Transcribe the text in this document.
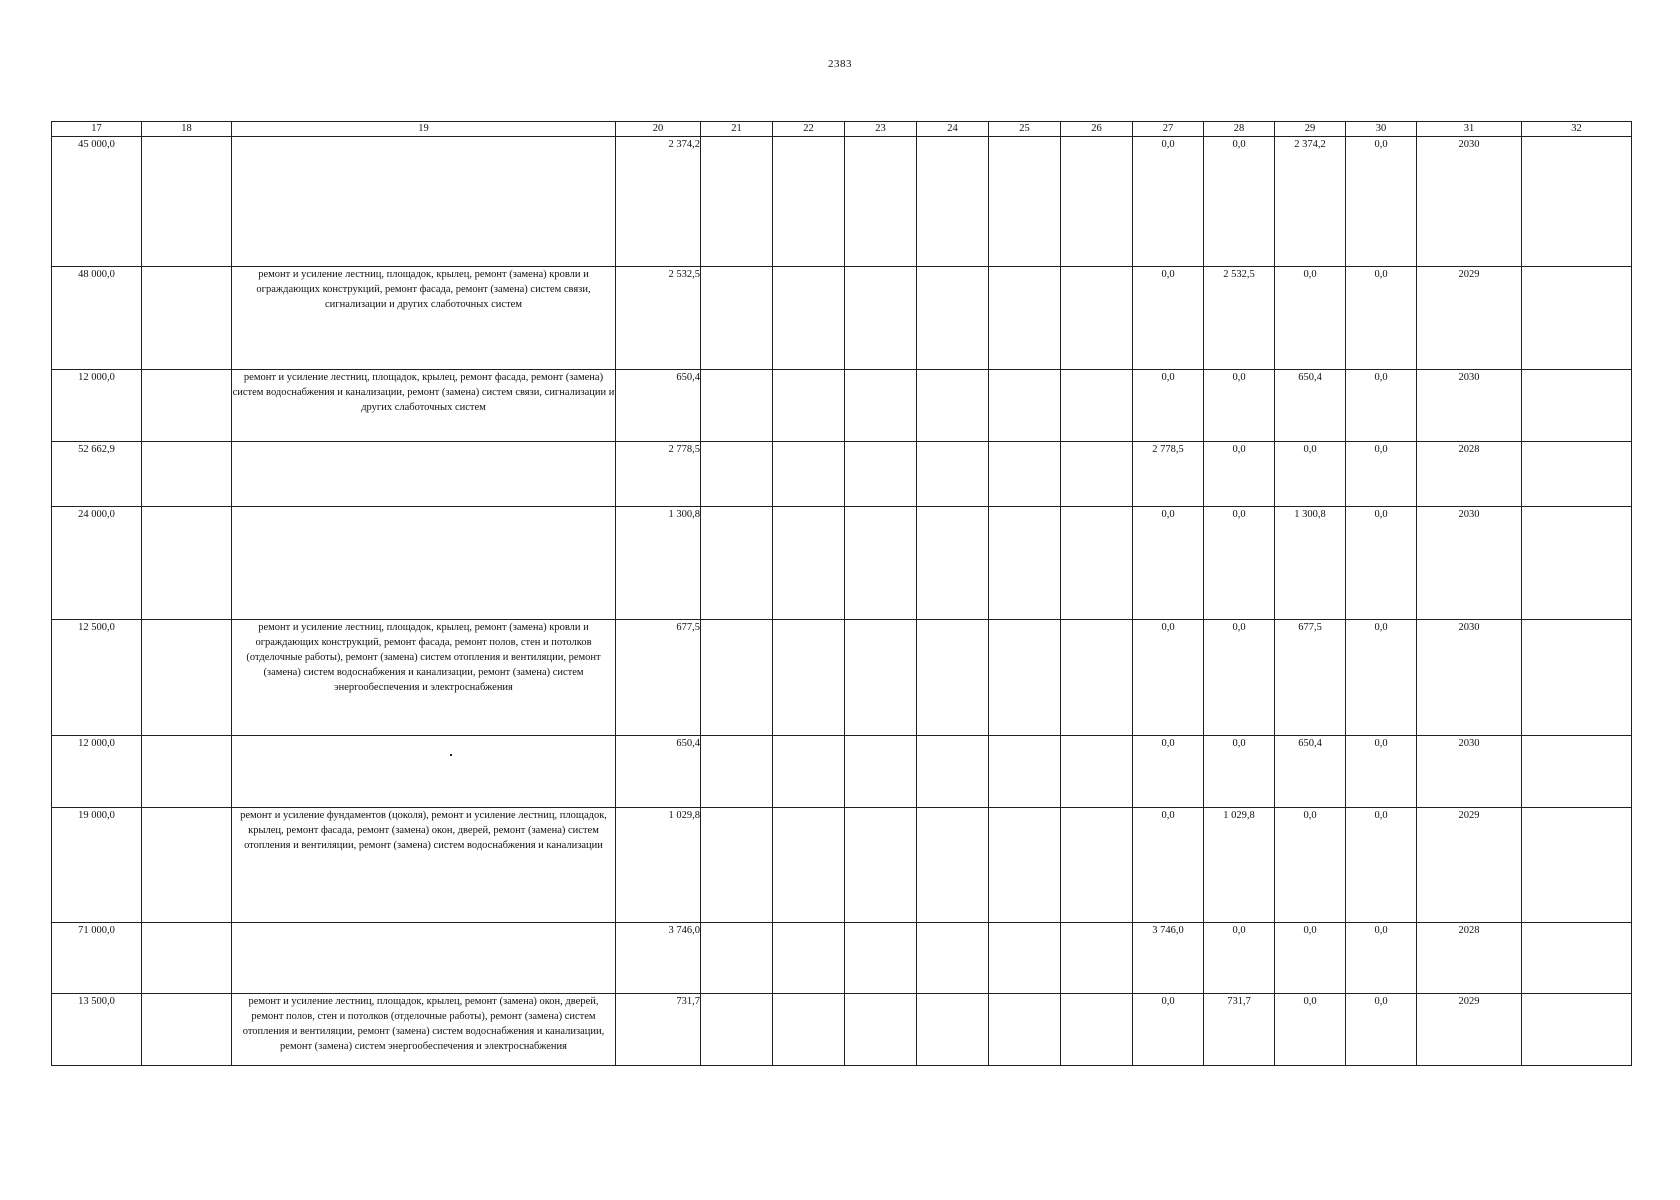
2383
17	18	19	20	21	22	23	24	25	26	27	28	29	30	31	32
45 000,0			2 374,2							0,0	0,0	2 374,2	0,0	2030	
48 000,0		ремонт и усиление лестниц, площадок, крылец, ремонт (замена) кровли и ограждающих конструкций, ремонт фасада, ремонт (замена) систем связи, сигнализации и других слаботочных систем	2 532,5							0,0	2 532,5	0,0	0,0	2029	
12 000,0		ремонт и усиление лестниц, площадок, крылец, ремонт фасада, ремонт (замена) систем водоснабжения и канализации, ремонт (замена) систем связи, сигнализации и других слаботочных систем	650,4							0,0	0,0	650,4	0,0	2030	
52 662,9			2 778,5							2 778,5	0,0	0,0	0,0	2028	
24 000,0			1 300,8							0,0	0,0	1 300,8	0,0	2030	
12 500,0		ремонт и усиление лестниц, площадок, крылец, ремонт (замена) кровли и ограждающих конструкций, ремонт фасада, ремонт полов, стен и потолков (отделочные работы), ремонт (замена) систем отопления и вентиляции, ремонт (замена) систем водоснабжения и канализации, ремонт (замена) систем энергообеспечения и электроснабжения	677,5							0,0	0,0	677,5	0,0	2030	
12 000,0			650,4							0,0	0,0	650,4	0,0	2030	
19 000,0		ремонт и усиление фундаментов (цоколя), ремонт и усиление лестниц, площадок, крылец, ремонт фасада, ремонт (замена) окон, дверей, ремонт (замена) систем отопления и вентиляции, ремонт (замена) систем водоснабжения и канализации	1 029,8							0,0	1 029,8	0,0	0,0	2029	
71 000,0			3 746,0							3 746,0	0,0	0,0	0,0	2028	
13 500,0		ремонт и усиление лестниц, площадок, крылец, ремонт (замена) окон, дверей, ремонт полов, стен и потолков (отделочные работы), ремонт (замена) систем отопления и вентиляции, ремонт (замена) систем водоснабжения и канализации, ремонт (замена) систем энергообеспечения и электроснабжения	731,7							0,0	731,7	0,0	0,0	2029	
